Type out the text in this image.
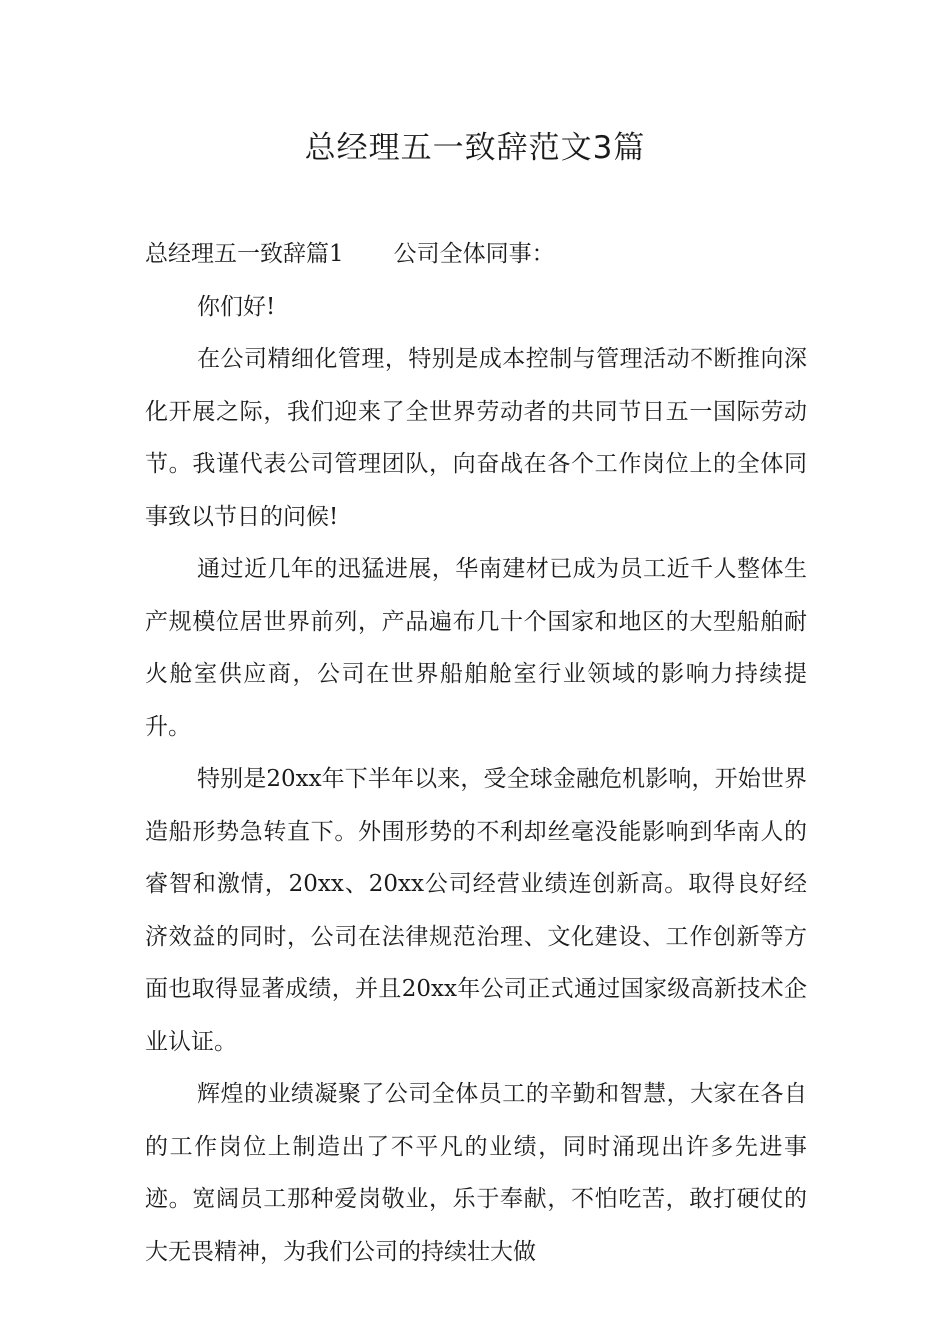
总经理五一致辞范文3篇

总经理五一致辞篇1 公司全体同事：

你们好!

在公司精细化管理，特别是成本控制与管理活动不断推向深化开展之际，我们迎来了全世界劳动者的共同节日五一国际劳动节。我谨代表公司管理团队，向奋战在各个工作岗位上的全体同事致以节日的问候!

通过近几年的迅猛进展，华南建材已成为员工近千人整体生产规模位居世界前列，产品遍布几十个国家和地区的大型船舶耐火舱室供应商，公司在世界船舶舱室行业领域的影响力持续提升。

特别是20xx年下半年以来，受全球金融危机影响，开始世界造船形势急转直下。外围形势的不利却丝毫没能影响到华南人的睿智和激情，20xx、20xx公司经营业绩连创新高。取得良好经济效益的同时，公司在法律规范治理、文化建设、工作创新等方面也取得显著成绩，并且20xx年公司正式通过国家级高新技术企业认证。

辉煌的业绩凝聚了公司全体员工的辛勤和智慧，大家在各自的工作岗位上制造出了不平凡的业绩，同时涌现出许多先进事迹。宽阔员工那种爱岗敬业，乐于奉献，不怕吃苦，敢打硬仗的大无畏精神，为我们公司的持续壮大做
